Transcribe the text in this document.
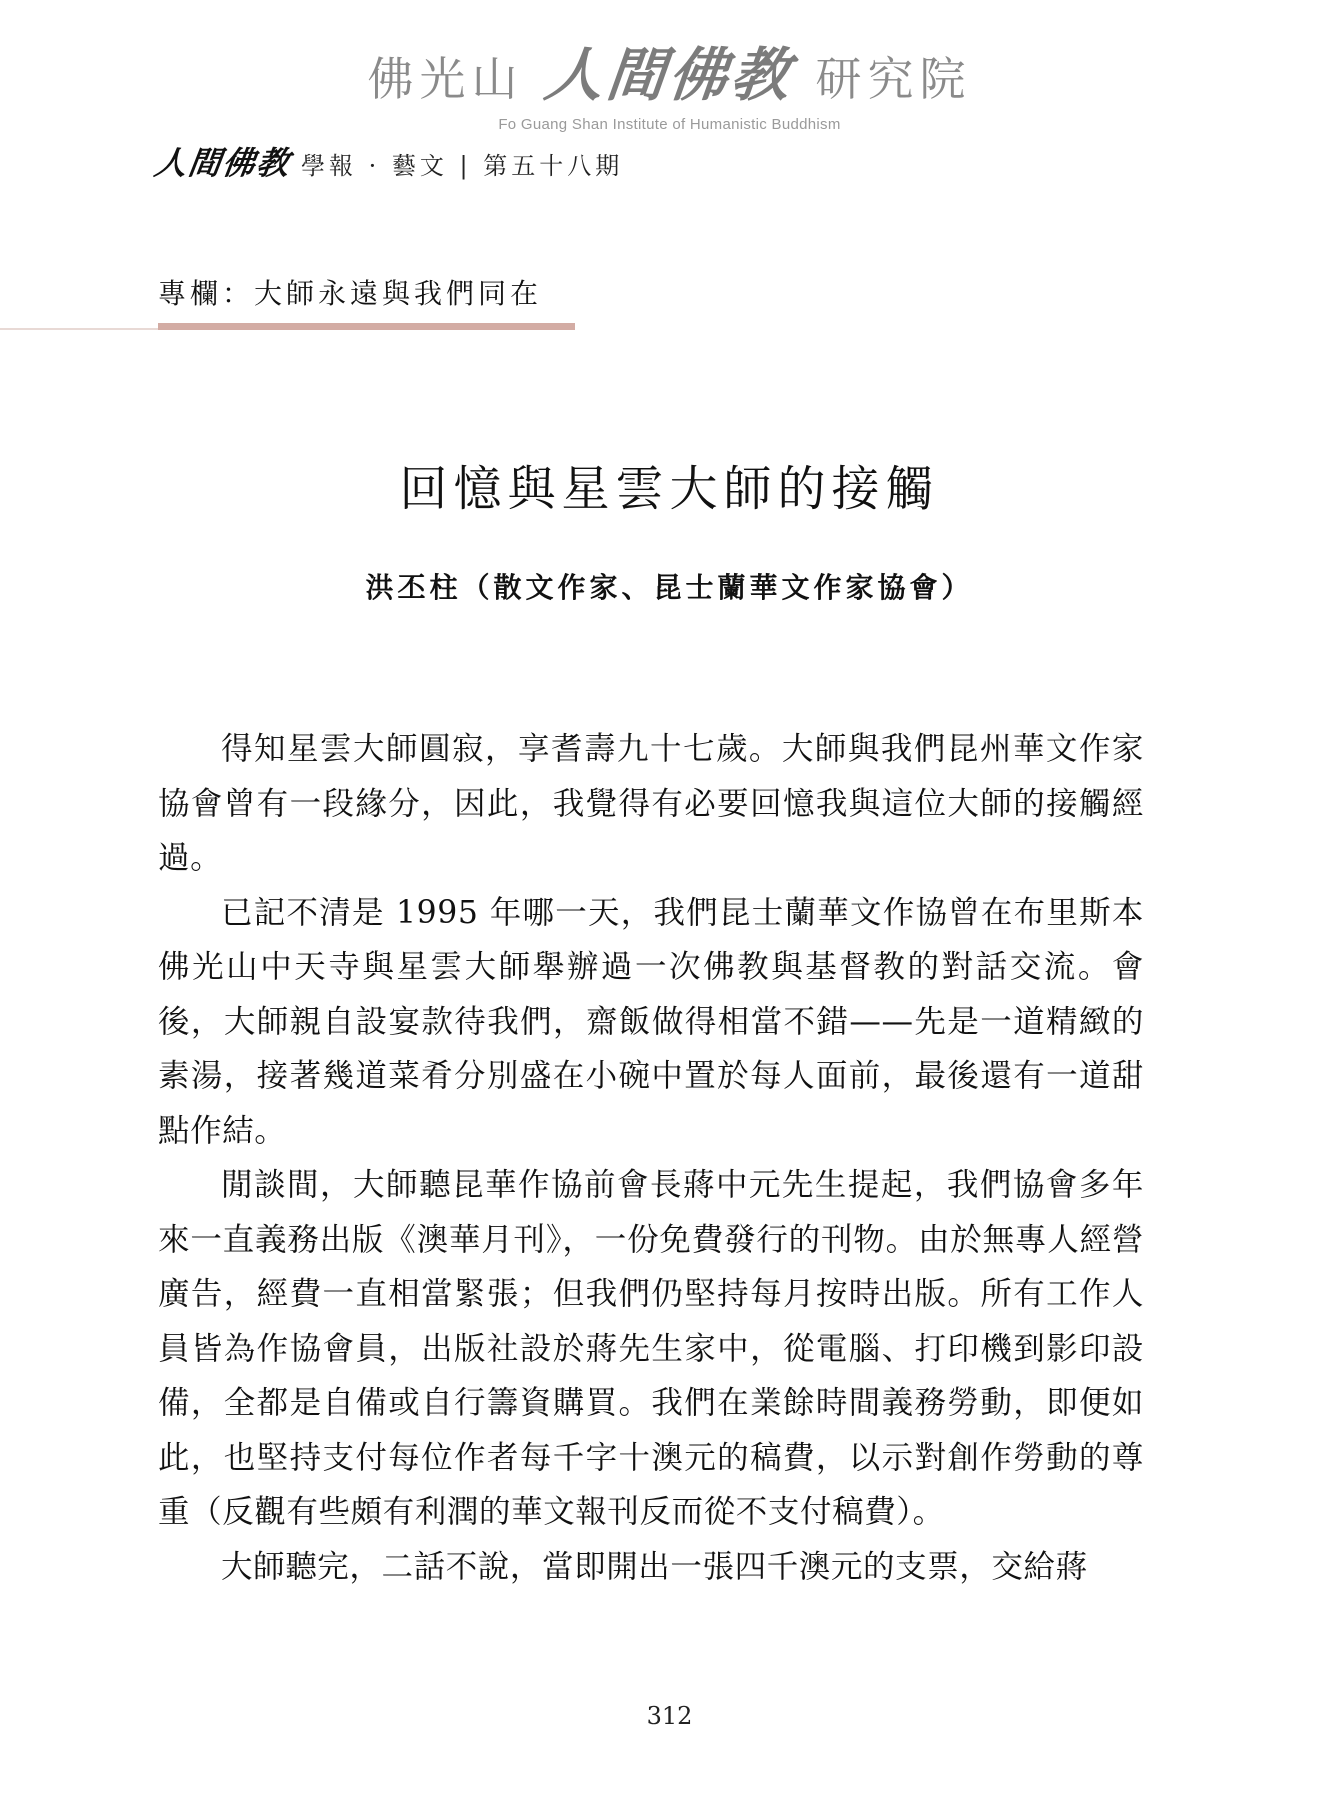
佛光山 人間佛教 研究院
Fo Guang Shan Institute of Humanistic Buddhism
人間佛教 學報 · 藝文 | 第五十八期
專欄：大師永遠與我們同在
回憶與星雲大師的接觸
洪丕柱（散文作家、昆士蘭華文作家協會）

得知星雲大師圓寂，享耆壽九十七歲。大師與我們昆州華文作家協會曾有一段緣分，因此，我覺得有必要回憶我與這位大師的接觸經過。

已記不清是 1995 年哪一天，我們昆士蘭華文作協曾在布里斯本佛光山中天寺與星雲大師舉辦過一次佛教與基督教的對話交流。會後，大師親自設宴款待我們，齋飯做得相當不錯——先是一道精緻的素湯，接著幾道菜肴分別盛在小碗中置於每人面前，最後還有一道甜點作結。

閒談間，大師聽昆華作協前會長蔣中元先生提起，我們協會多年來一直義務出版《澳華月刊》，一份免費發行的刊物。由於無專人經營廣告，經費一直相當緊張；但我們仍堅持每月按時出版。所有工作人員皆為作協會員，出版社設於蔣先生家中，從電腦、打印機到影印設備，全都是自備或自行籌資購買。我們在業餘時間義務勞動，即便如此，也堅持支付每位作者每千字十澳元的稿費，以示對創作勞動的尊重（反觀有些頗有利潤的華文報刊反而從不支付稿費）。

大師聽完，二話不說，當即開出一張四千澳元的支票，交給蔣

312
